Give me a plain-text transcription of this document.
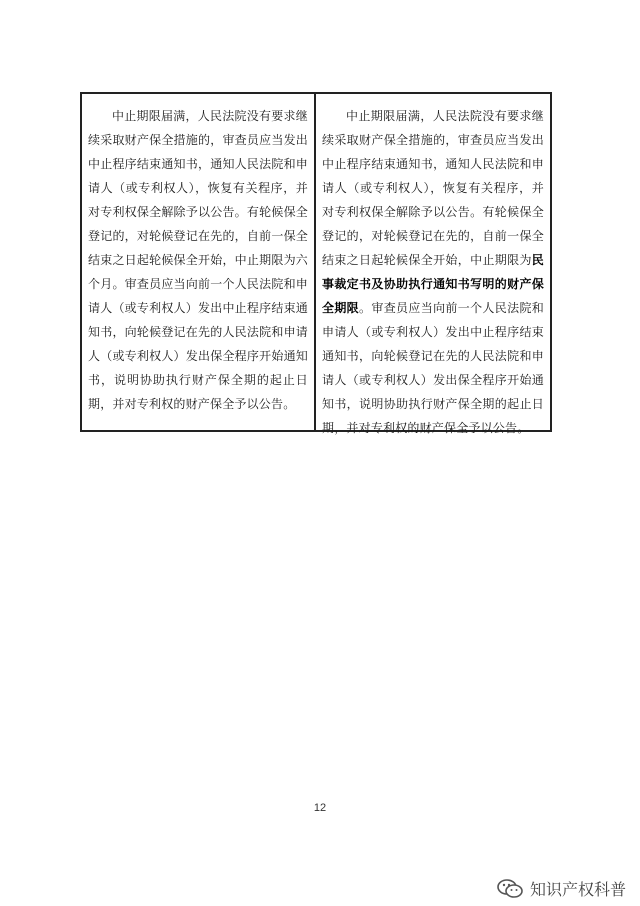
中止期限届满，人民法院没有要求继续采取财产保全措施的，审查员应当发出中止程序结束通知书，通知人民法院和申请人（或专利权人），恢复有关程序，并对专利权保全解除予以公告。有轮候保全登记的，对轮候登记在先的，自前一保全结束之日起轮候保全开始，中止期限为六个月。审查员应当向前一个人民法院和申请人（或专利权人）发出中止程序结束通知书，向轮候登记在先的人民法院和申请人（或专利权人）发出保全程序开始通知书，说明协助执行财产保全期的起止日期，并对专利权的财产保全予以公告。
中止期限届满，人民法院没有要求继续采取财产保全措施的，审查员应当发出中止程序结束通知书，通知人民法院和申请人（或专利权人），恢复有关程序，并对专利权保全解除予以公告。有轮候保全登记的，对轮候登记在先的，自前一保全结束之日起轮候保全开始，中止期限为民事裁定书及协助执行通知书写明的财产保全期限。审查员应当向前一个人民法院和申请人（或专利权人）发出中止程序结束通知书，向轮候登记在先的人民法院和申请人（或专利权人）发出保全程序开始通知书，说明协助执行财产保全期的起止日期，并对专利权的财产保全予以公告。
12
知识产权科普
